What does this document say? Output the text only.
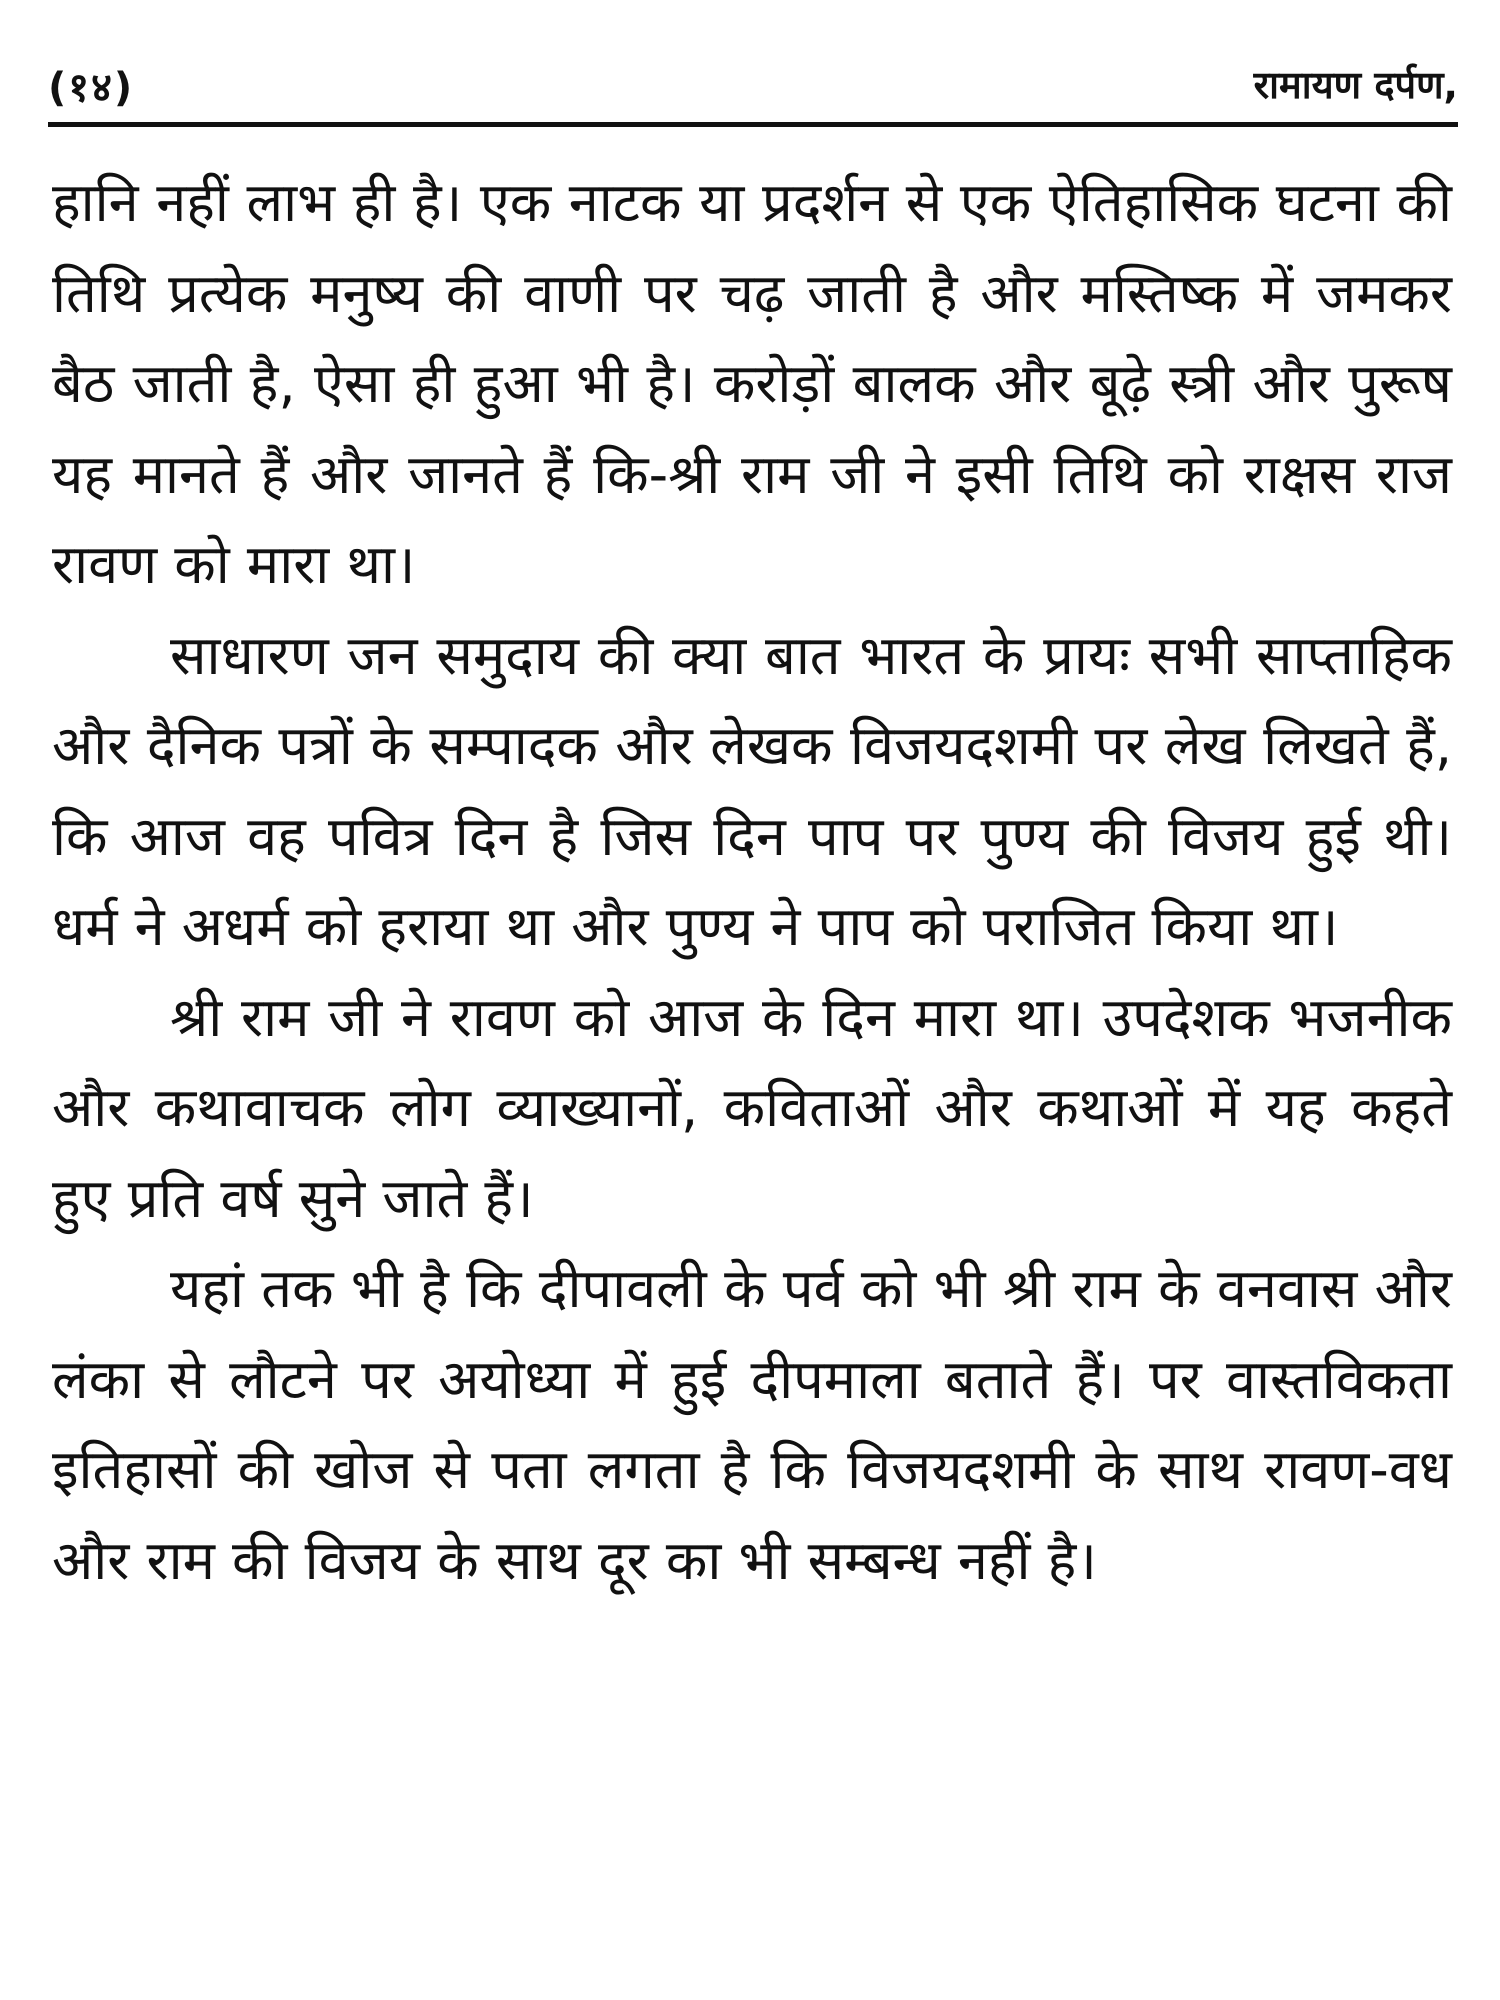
(१४)	रामायण दर्पण,

हानि नहीं लाभ ही है। एक नाटक या प्रदर्शन से एक ऐतिहासिक घटना की तिथि प्रत्येक मनुष्य की वाणी पर चढ़ जाती है और मस्तिष्क में जमकर बैठ जाती है, ऐसा ही हुआ भी है। करोड़ों बालक और बूढ़े स्त्री और पुरूष यह मानते हैं और जानते हैं कि-श्री राम जी ने इसी तिथि को राक्षस राज रावण को मारा था।

साधारण जन समुदाय की क्या बात भारत के प्रायः सभी साप्ताहिक और दैनिक पत्रों के सम्पादक और लेखक विजयदशमी पर लेख लिखते हैं, कि आज वह पवित्र दिन है जिस दिन पाप पर पुण्य की विजय हुई थी। धर्म ने अधर्म को हराया था और पुण्य ने पाप को पराजित किया था।

श्री राम जी ने रावण को आज के दिन मारा था। उपदेशक भजनीक और कथावाचक लोग व्याख्यानों, कविताओं और कथाओं में यह कहते हुए प्रति वर्ष सुने जाते हैं।

यहां तक भी है कि दीपावली के पर्व को भी श्री राम के वनवास और लंका से लौटने पर अयोध्या में हुई दीपमाला बताते हैं। पर वास्तविकता इतिहासों की खोज से पता लगता है कि विजयदशमी के साथ रावण-वध और राम की विजय के साथ दूर का भी सम्बन्ध नहीं है।
